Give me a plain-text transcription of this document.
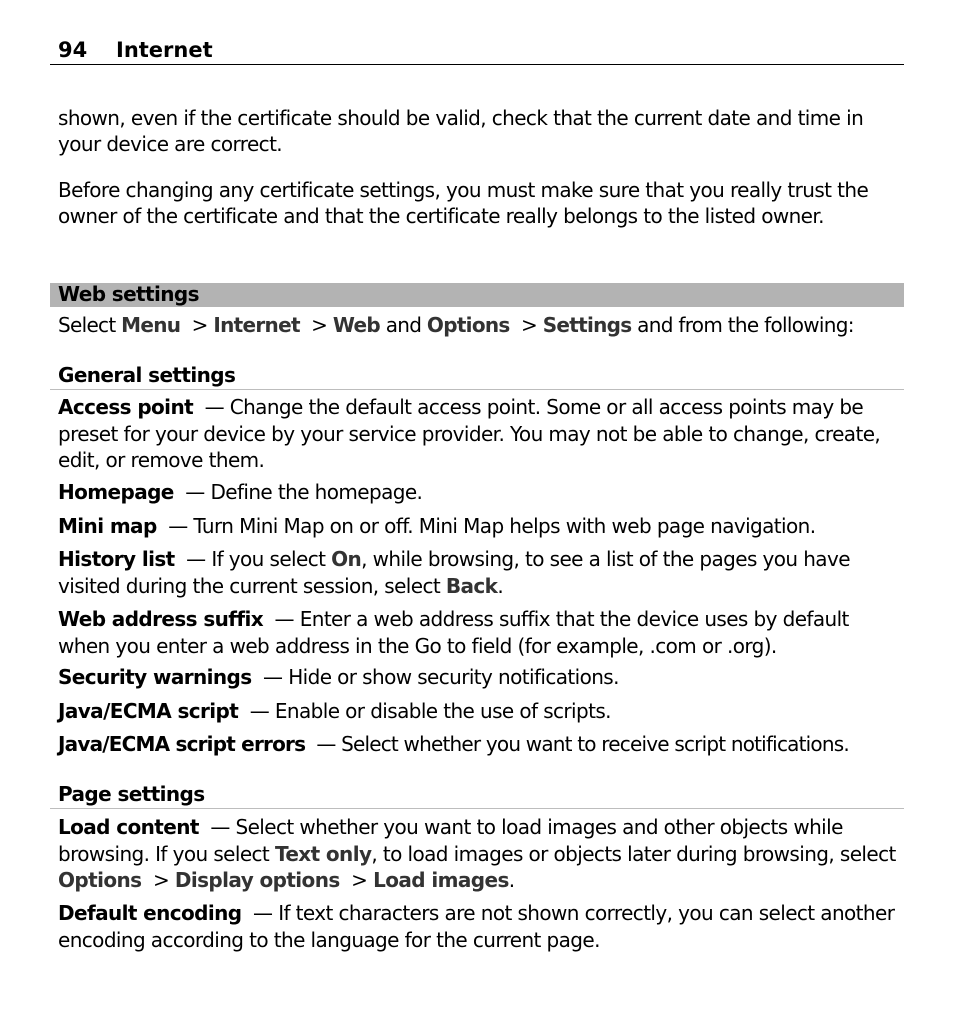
94 Internet

shown, even if the certificate should be valid, check that the current date and time in your device are correct.

Before changing any certificate settings, you must make sure that you really trust the owner of the certificate and that the certificate really belongs to the listed owner.

Web settings
Select Menu > Internet > Web and Options > Settings and from the following:
General settings
Access point — Change the default access point. Some or all access points may be preset for your device by your service provider. You may not be able to change, create, edit, or remove them.
Homepage — Define the homepage.
Mini map — Turn Mini Map on or off. Mini Map helps with web page navigation.
History list — If you select On, while browsing, to see a list of the pages you have visited during the current session, select Back.
Web address suffix — Enter a web address suffix that the device uses by default when you enter a web address in the Go to field (for example, .com or .org).
Security warnings — Hide or show security notifications.
Java/ECMA script — Enable or disable the use of scripts.
Java/ECMA script errors — Select whether you want to receive script notifications.
Page settings
Load content — Select whether you want to load images and other objects while browsing. If you select Text only, to load images or objects later during browsing, select Options > Display options > Load images.
Default encoding — If text characters are not shown correctly, you can select another encoding according to the language for the current page.
